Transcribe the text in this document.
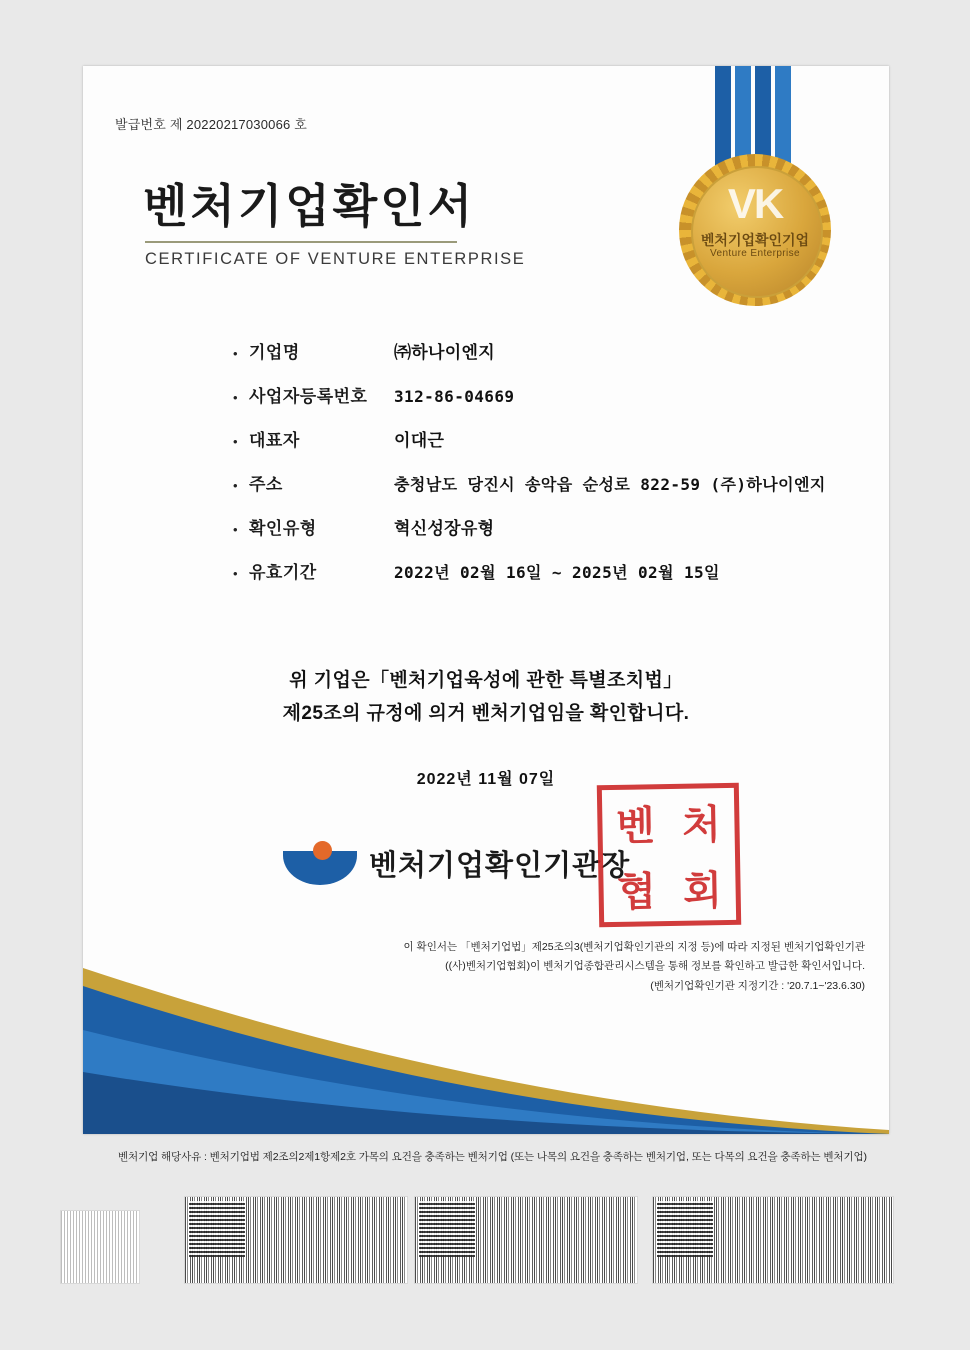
VK
벤처기업확인기업
Venture Enterprise
발급번호 제 20220217030066 호
벤처기업확인서
CERTIFICATE OF VENTURE ENTERPRISE
• 기업명	㈜하나이엔지
• 사업자등록번호	312-86-04669
• 대표자	이대근
• 주소	충청남도 당진시 송악읍 순성로 822-59 (주)하나이엔지
• 확인유형	혁신성장유형
• 유효기간	2022년 02월 16일 ~ 2025년 02월 15일
위 기업은「벤처기업육성에 관한 특별조치법」
제25조의 규정에 의거 벤처기업임을 확인합니다.
2022년 11월 07일
벤처기업확인기관장
벤 처
협 회
이 확인서는 「벤처기업법」제25조의3(벤처기업확인기관의 지정 등)에 따라 지정된 벤처기업확인기관
((사)벤처기업협회)이 벤처기업종합관리시스템을 통해 정보를 확인하고 발급한 확인서입니다.
(벤처기업확인기관 지정기간 : '20.7.1~'23.6.30)
벤처기업 해당사유 : 벤처기업법 제2조의2제1항제2호 가목의 요건을 충족하는 벤처기업 (또는 나목의 요건을 충족하는 벤처기업, 또는 다목의 요건을 충족하는 벤처기업)
